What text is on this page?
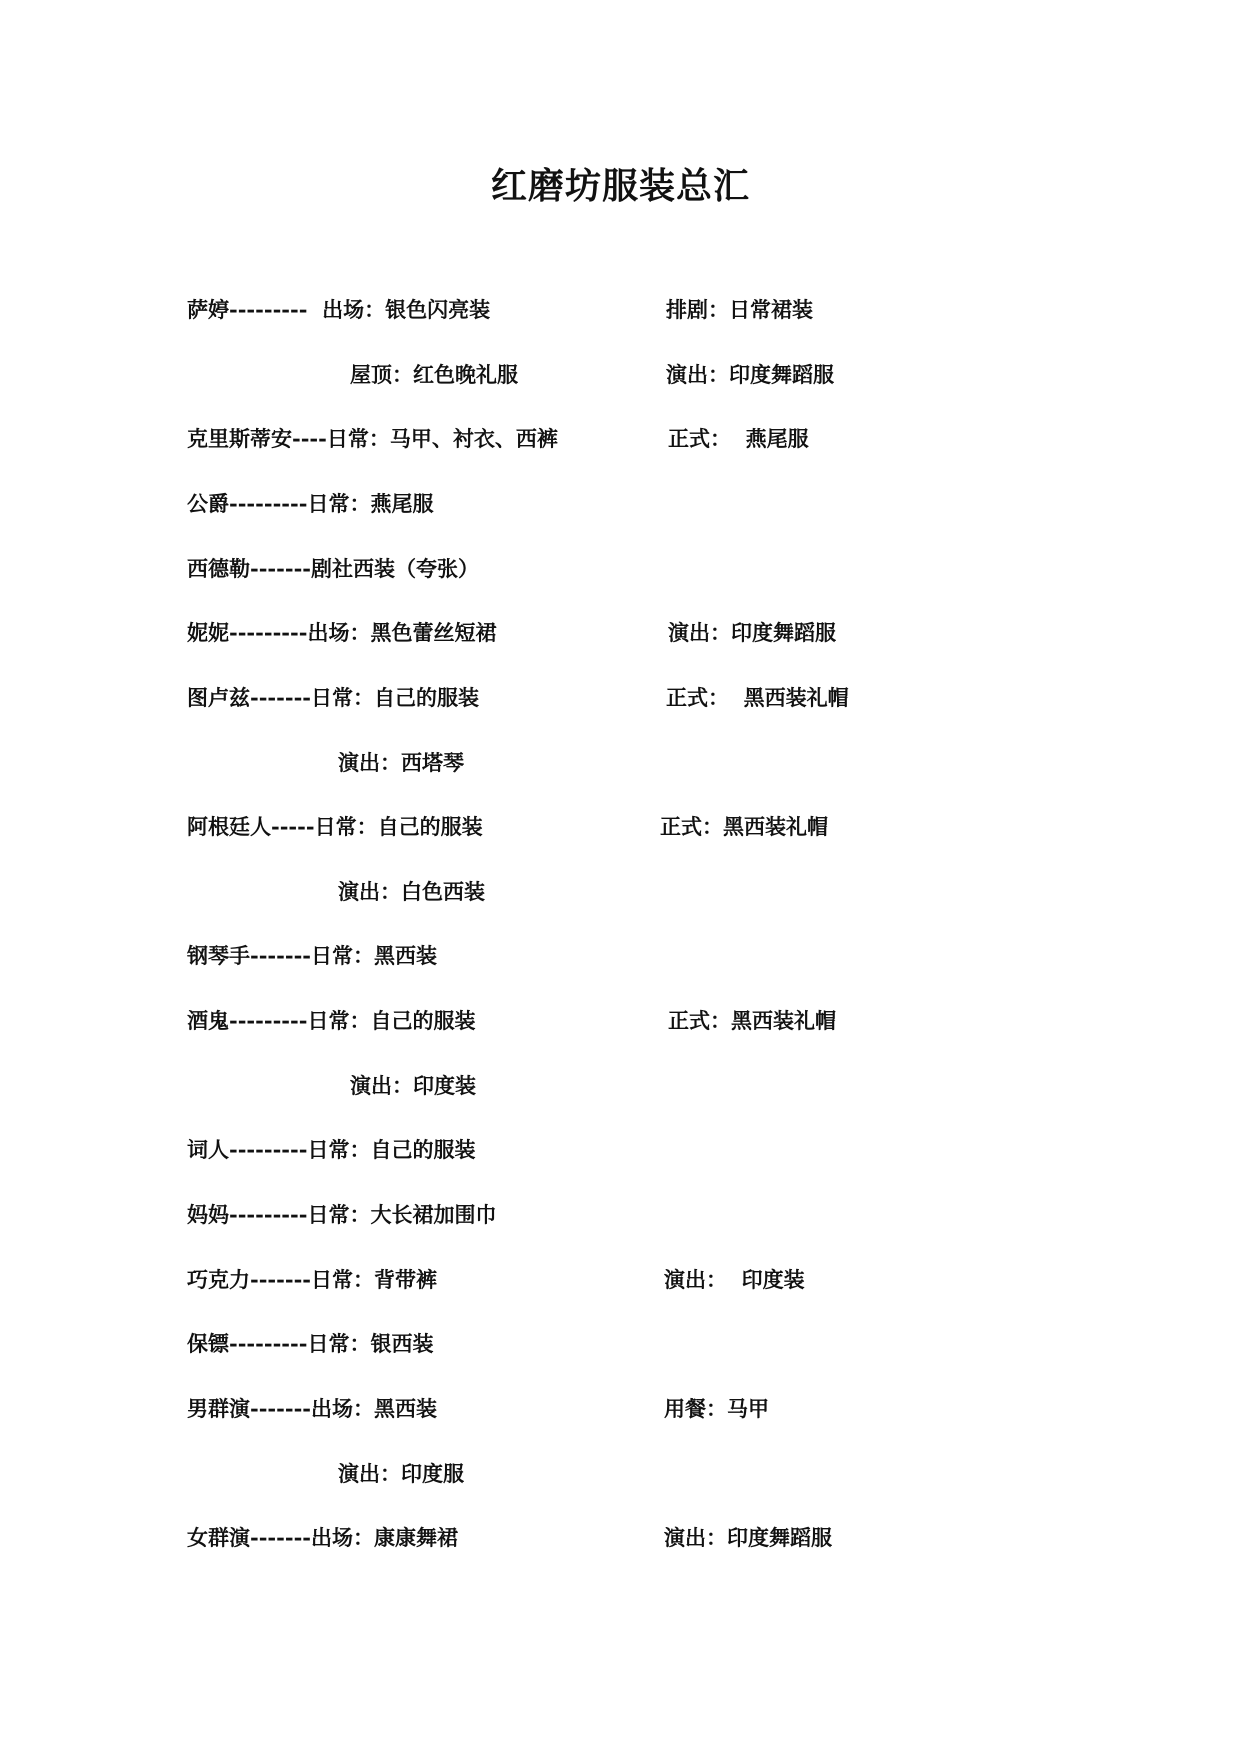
红磨坊服装总汇
萨婷---------  出场：银色闪亮装	排剧：日常裙装
屋顶：红色晚礼服	演出：印度舞蹈服
克里斯蒂安----日常：马甲、衬衣、西裤	正式：  燕尾服
公爵---------日常：燕尾服
西德勒-------剧社西装（夸张）
妮妮---------出场：黑色蕾丝短裙	演出：印度舞蹈服
图卢兹-------日常：自己的服装	正式：  黑西装礼帽
演出：西塔琴
阿根廷人-----日常：自己的服装	正式：黑西装礼帽
演出：白色西装
钢琴手-------日常：黑西装
酒鬼---------日常：自己的服装	正式：黑西装礼帽
演出：印度装
词人---------日常：自己的服装
妈妈---------日常：大长裙加围巾
巧克力-------日常：背带裤	演出：  印度装
保镖---------日常：银西装
男群演-------出场：黑西装	用餐：马甲
演出：印度服
女群演-------出场：康康舞裙	演出：印度舞蹈服
